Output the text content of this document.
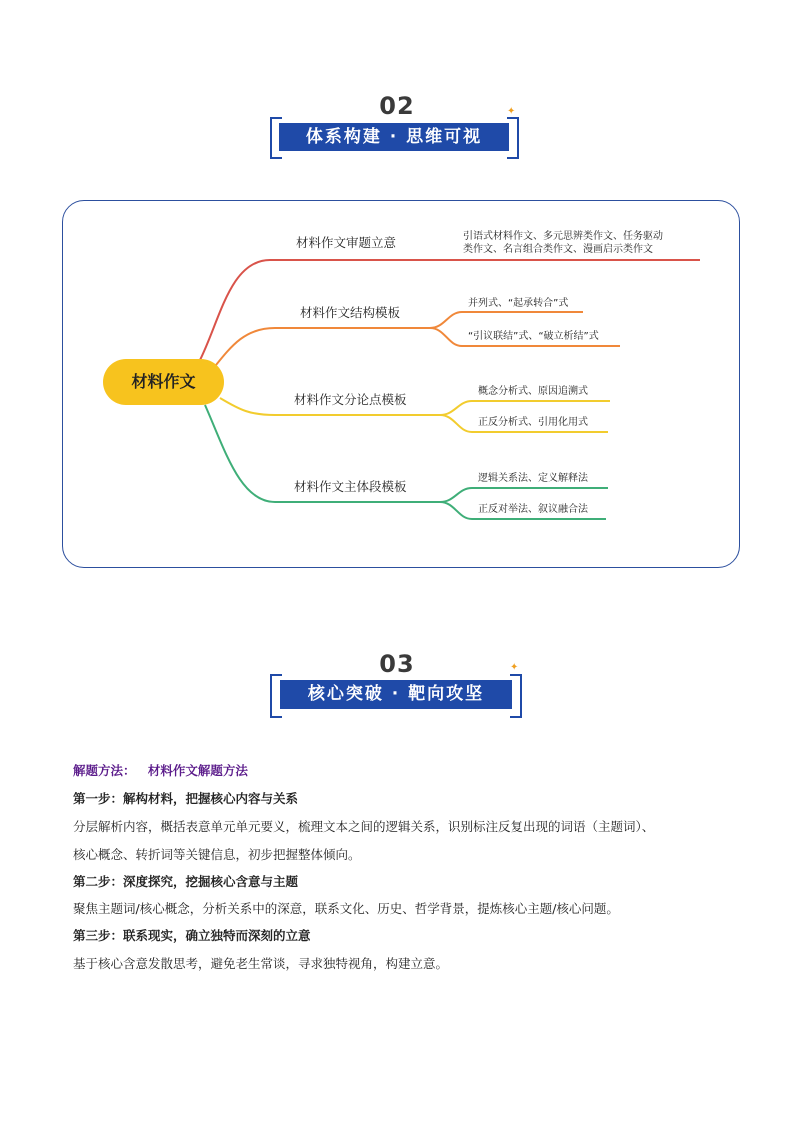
02
体系构建 · 思维可视
✦
材料作文
材料作文审题立意	引语式材料作文、多元思辨类作文、任务驱动
类作文、名言组合类作文、漫画启示类作文
材料作文结构模板
并列式、“起承转合”式
“引议联结”式、“破立析结”式
材料作文分论点模板
概念分析式、原因追溯式
正反分析式、引用化用式
材料作文主体段模板
逻辑关系法、定义解释法
正反对举法、叙议融合法
03
核心突破 · 靶向攻坚
✦
解题方法： 材料作文解题方法
第一步：解构材料，把握核心内容与关系
分层解析内容，概括表意单元单元要义，梳理文本之间的逻辑关系，识别标注反复出现的词语（主题词）、
核心概念、转折词等关键信息，初步把握整体倾向。
第二步：深度探究，挖掘核心含意与主题
聚焦主题词/核心概念，分析关系中的深意，联系文化、历史、哲学背景，提炼核心主题/核心问题。
第三步：联系现实，确立独特而深刻的立意
基于核心含意发散思考，避免老生常谈，寻求独特视角，构建立意。
